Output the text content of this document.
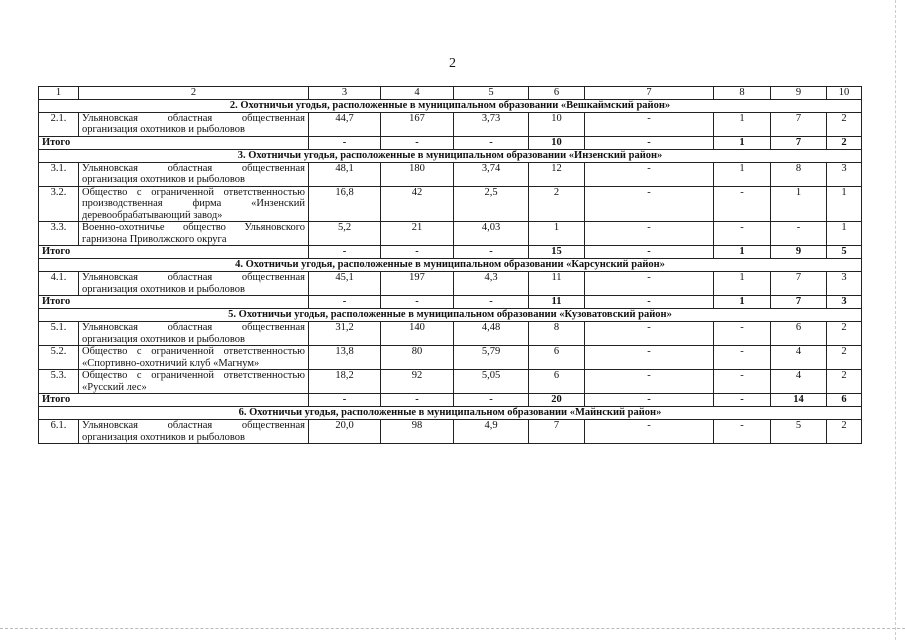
2
1	2	3	4	5	6	7	8	9	10
2. Охотничьи угодья, расположенные в муниципальном образовании «Вешкаймский район»									
2.1.	Ульяновская областная общественная организация охотников и рыболовов	44,7	167	3,73	10	-	1	7	2
Итого		-	-	-	10	-	1	7	2
3. Охотничьи угодья, расположенные в муниципальном образовании «Инзенский район»									
3.1.	Ульяновская областная общественная организация охотников и рыболовов	48,1	180	3,74	12	-	1	8	3
3.2.	Общество с ограниченной ответственностью производственная фирма «Инзенский деревообрабатывающий завод»	16,8	42	2,5	2	-	-	1	1
3.3.	Военно-охотничье общество Ульяновского гарнизона Приволжского округа	5,2	21	4,03	1	-	-	-	1
Итого		-	-	-	15	-	1	9	5
4. Охотничьи угодья, расположенные в муниципальном образовании «Карсунский район»									
4.1.	Ульяновская областная общественная организация охотников и рыболовов	45,1	197	4,3	11	-	1	7	3
Итого		-	-	-	11	-	1	7	3
5. Охотничьи угодья, расположенные в муниципальном образовании «Кузоватовский район»									
5.1.	Ульяновская областная общественная организация охотников и рыболовов	31,2	140	4,48	8	-	-	6	2
5.2.	Общество с ограниченной ответственностью «Спортивно-охотничий клуб «Магнум»	13,8	80	5,79	6	-	-	4	2
5.3.	Общество с ограниченной ответственностью «Русский лес»	18,2	92	5,05	6	-	-	4	2
Итого		-	-	-	20	-	-	14	6
6. Охотничьи угодья, расположенные в муниципальном образовании «Майнский район»									
6.1.	Ульяновская областная общественная организация охотников и рыболовов	20,0	98	4,9	7	-	-	5	2
